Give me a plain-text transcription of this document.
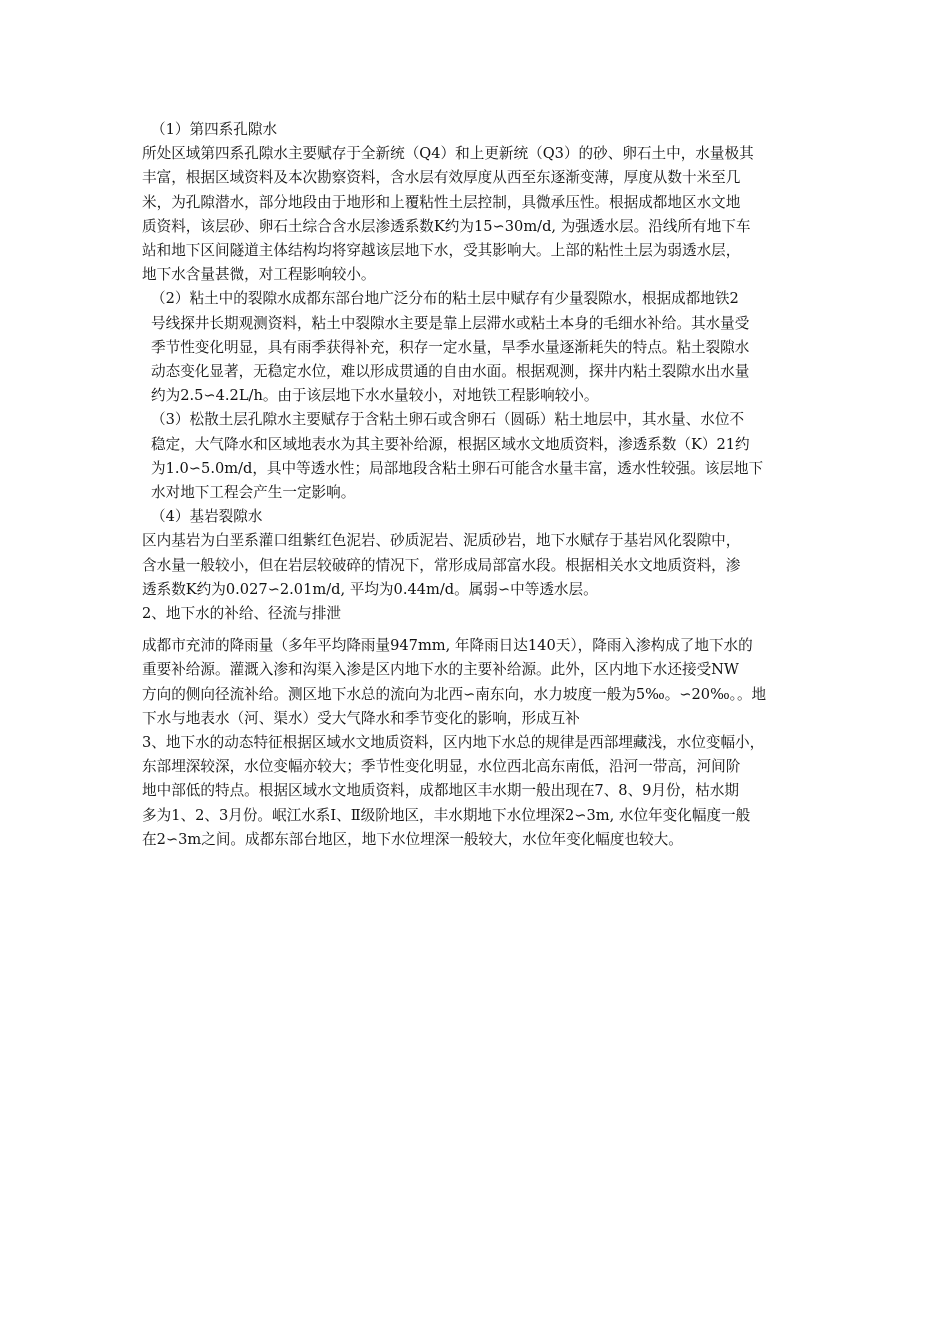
（1）第四系孔隙水

所处区域第四系孔隙水主要赋存于全新统（Q4）和上更新统（Q3）的砂、卵石土中，水量极其
丰富，根据区域资料及本次勘察资料，含水层有效厚度从西至东逐渐变薄，厚度从数十米至几
米，为孔隙潜水，部分地段由于地形和上覆粘性土层控制，具微承压性。根据成都地区水文地
质资料，该层砂、卵石土综合含水层渗透系数K约为15∽30m/d, 为强透水层。沿线所有地下车
站和地下区间隧道主体结构均将穿越该层地下水，受其影响大。上部的粘性土层为弱透水层，
地下水含量甚微，对工程影响较小。

（2）粘土中的裂隙水成都东部台地广泛分布的粘土层中赋存有少量裂隙水，根据成都地铁2
号线探井长期观测资料，粘土中裂隙水主要是靠上层滞水或粘土本身的毛细水补给。其水量受
季节性变化明显，具有雨季获得补充，积存一定水量，旱季水量逐渐耗失的特点。粘土裂隙水
动态变化显著，无稳定水位，难以形成贯通的自由水面。根据观测，探井内粘土裂隙水出水量
约为2.5∽4.2L/h。由于该层地下水水量较小，对地铁工程影响较小。

（3）松散土层孔隙水主要赋存于含粘土卵石或含卵石（圆砾）粘土地层中，其水量、水位不
稳定，大气降水和区域地表水为其主要补给源，根据区域水文地质资料，渗透系数（K）21约
为1.0∽5.0m/d，具中等透水性；局部地段含粘土卵石可能含水量丰富，透水性较强。该层地下
水对地下工程会产生一定影响。

（4）基岩裂隙水

区内基岩为白垩系灌口组紫红色泥岩、砂质泥岩、泥质砂岩，地下水赋存于基岩风化裂隙中，
含水量一般较小，但在岩层较破碎的情况下，常形成局部富水段。根据相关水文地质资料，渗
透系数K约为0.027∽2.01m/d, 平均为0.44m/d。属弱∽中等透水层。

2、地下水的补给、径流与排泄

成都市充沛的降雨量（多年平均降雨量947mm, 年降雨日达140天），降雨入渗构成了地下水的
重要补给源。灌溉入渗和沟渠入渗是区内地下水的主要补给源。此外，区内地下水还接受NW
方向的侧向径流补给。测区地下水总的流向为北西∽南东向，水力坡度一般为5‰。∽20‰。。地
下水与地表水（河、渠水）受大气降水和季节变化的影响，形成互补

3、地下水的动态特征根据区域水文地质资料，区内地下水总的规律是西部埋藏浅，水位变幅小，
东部埋深较深，水位变幅亦较大；季节性变化明显，水位西北高东南低，沿河一带高，河间阶
地中部低的特点。根据区域水文地质资料，成都地区丰水期一般出现在7、8、9月份，枯水期
多为1、2、3月份。岷江水系Ⅰ、Ⅱ级阶地区，丰水期地下水位埋深2∽3m, 水位年变化幅度一般
在2∽3m之间。成都东部台地区，地下水位埋深一般较大，水位年变化幅度也较大。
